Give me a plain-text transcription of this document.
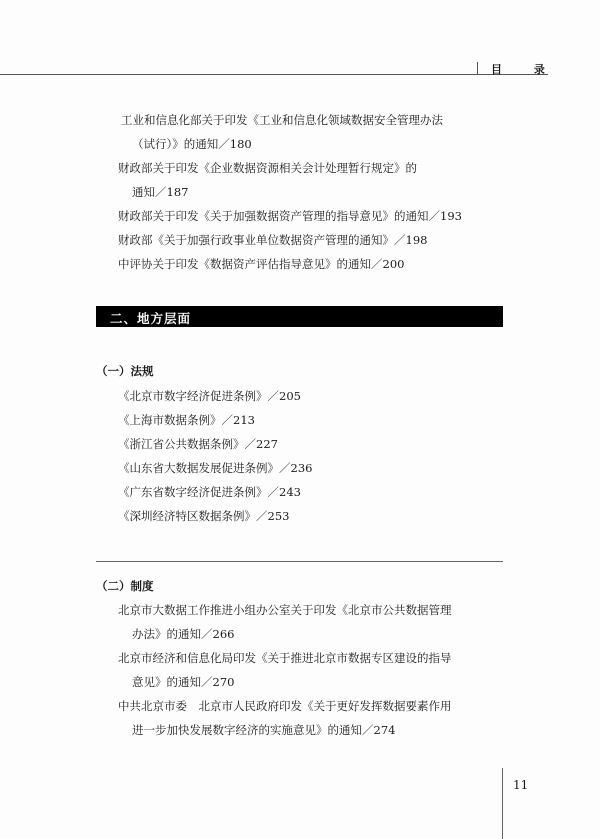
目 录
工业和信息化部关于印发《工业和信息化领域数据安全管理办法
（试行）》的通知／180
财政部关于印发《企业数据资源相关会计处理暂行规定》的
通知／187
财政部关于印发《关于加强数据资产管理的指导意见》的通知／193
财政部《关于加强行政事业单位数据资产管理的通知》／198
中评协关于印发《数据资产评估指导意见》的通知／200
二、地方层面
（一）法规
《北京市数字经济促进条例》／205
《上海市数据条例》／213
《浙江省公共数据条例》／227
《山东省大数据发展促进条例》／236
《广东省数字经济促进条例》／243
《深圳经济特区数据条例》／253
（二）制度
北京市大数据工作推进小组办公室关于印发《北京市公共数据管理
办法》的通知／266
北京市经济和信息化局印发《关于推进北京市数据专区建设的指导
意见》的通知／270
中共北京市委　北京市人民政府印发《关于更好发挥数据要素作用
进一步加快发展数字经济的实施意见》的通知／274
11
